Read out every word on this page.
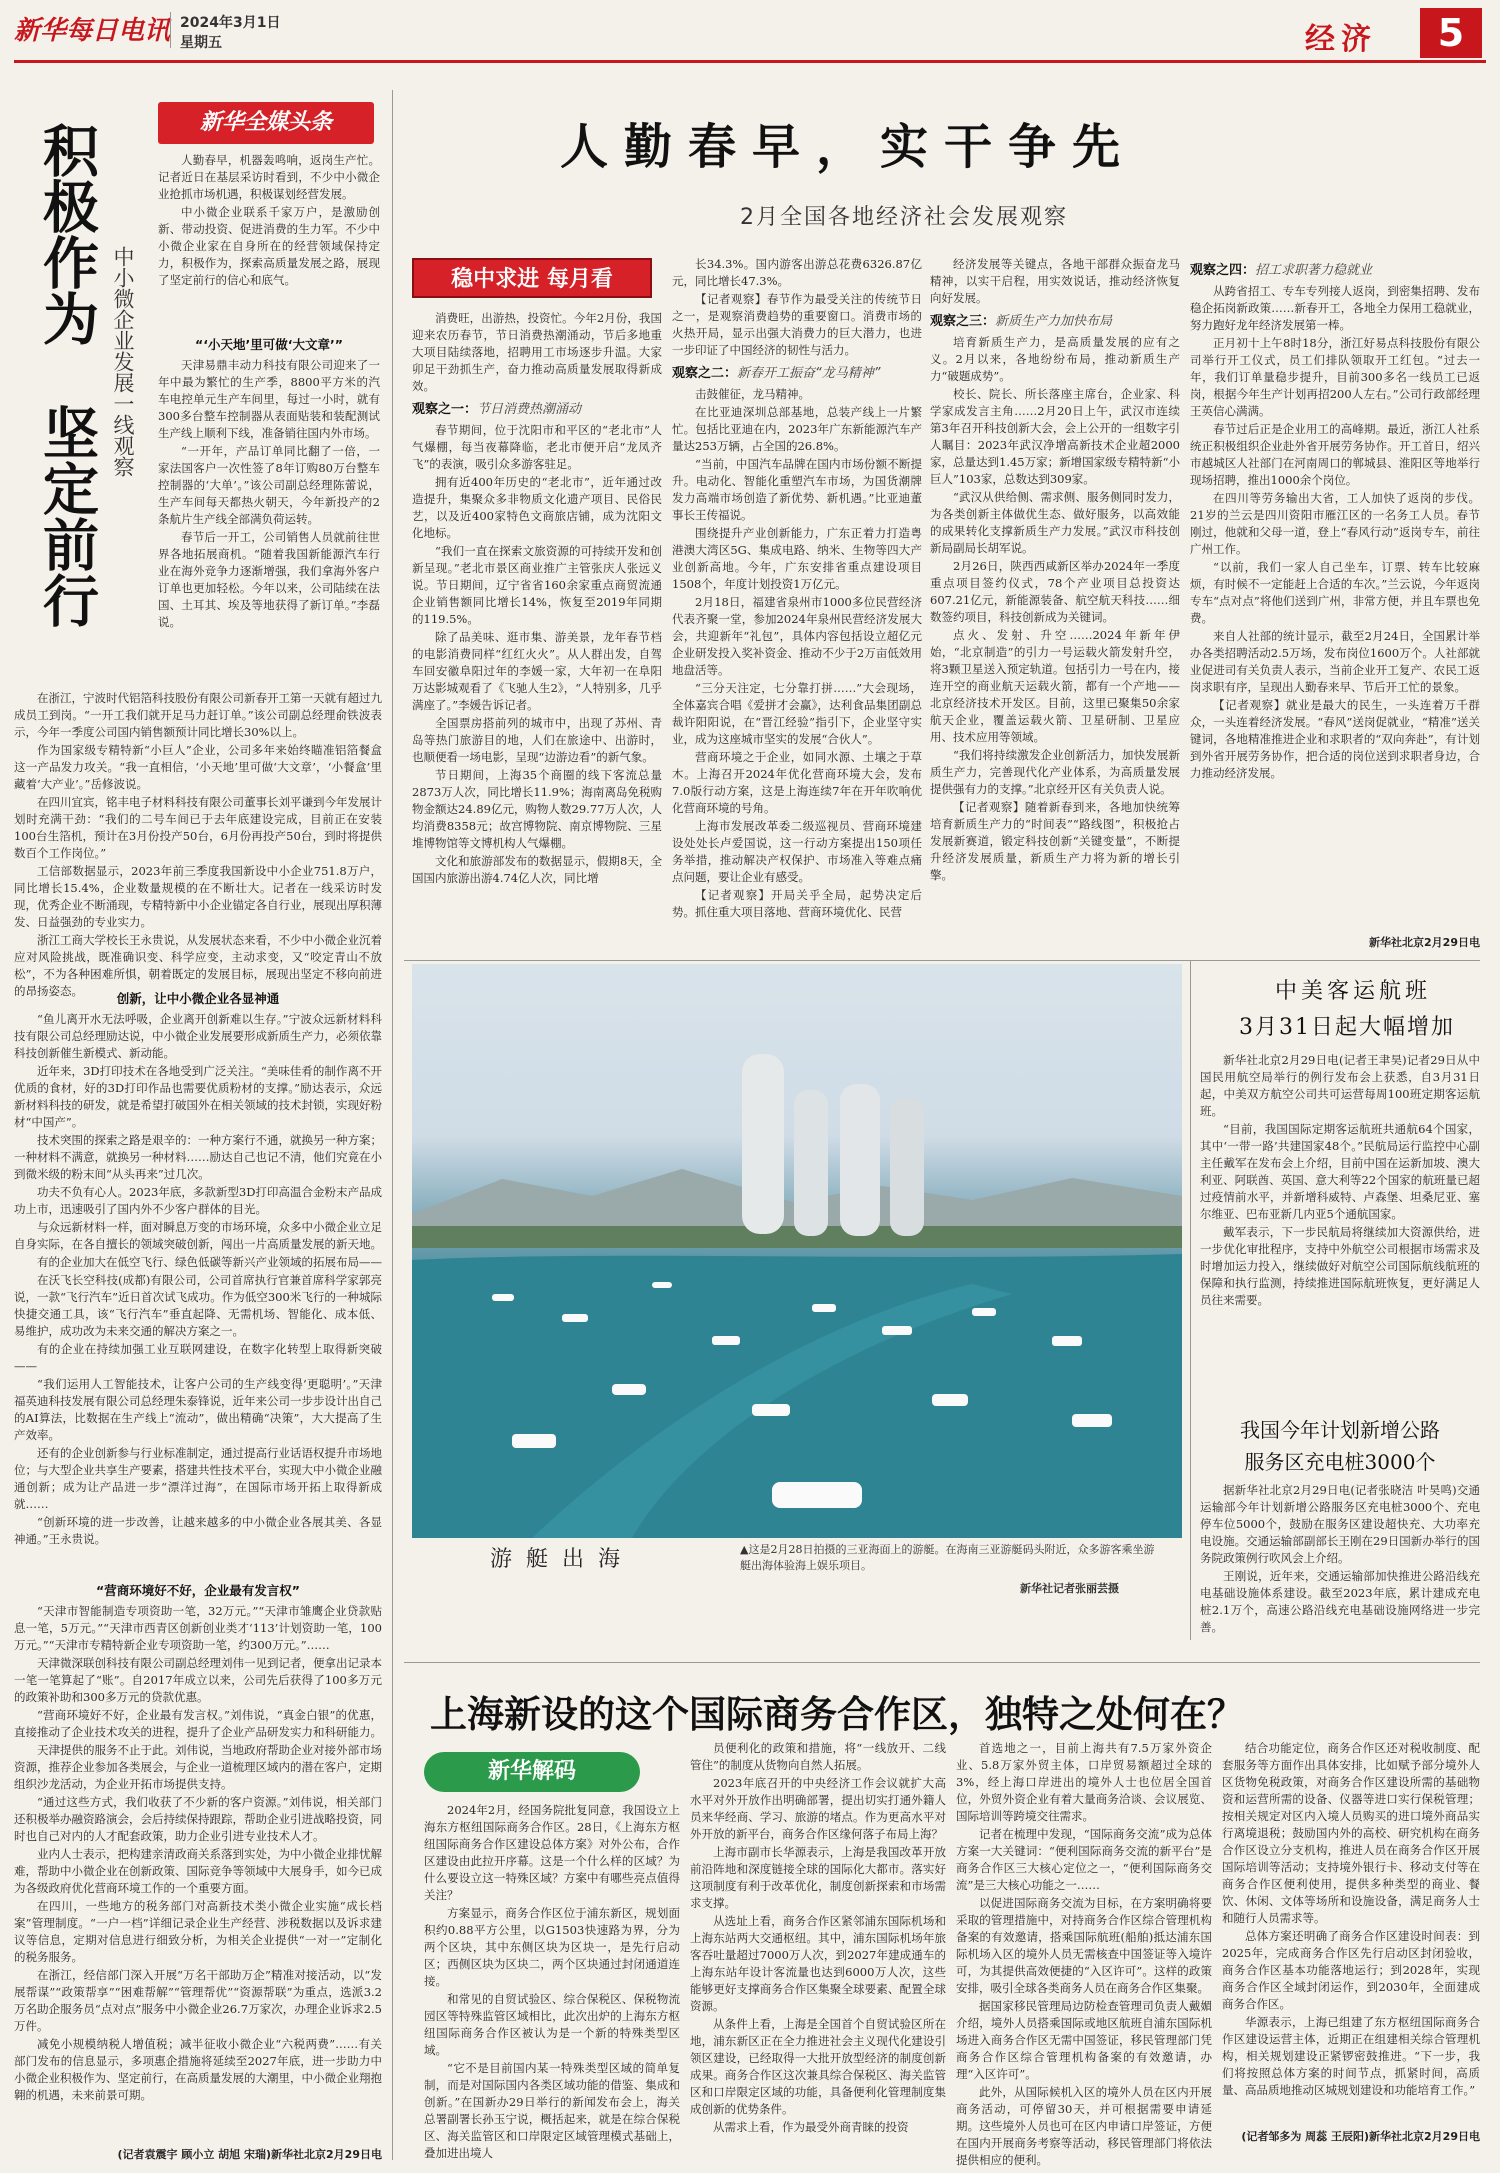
新华每日电讯 2024年3月1日
星期五	经济	5
新华全媒头条
积极作为
坚定前行
中小微企业发展一线观察

人勤春早，机器轰鸣响，返岗生产忙。记者近日在基层采访时看到，不少中小微企业抢抓市场机遇，积极谋划经营发展。

中小微企业联系千家万户，是激励创新、带动投资、促进消费的生力军。不少中小微企业家在自身所在的经营领域保持定力，积极作为，探索高质量发展之路，展现了坚定前行的信心和底气。

“‘小天地’里可做‘大文章’”

天津易鼎丰动力科技有限公司迎来了一年中最为繁忙的生产季，8800平方米的汽车电控单元生产车间里，每过一小时，就有300多台整车控制器从表面贴装和装配测试生产线上顺利下线，准备销往国内外市场。

“一开年，产品订单同比翻了一倍，一家法国客户一次性签了8年订购80万台整车控制器的‘大单’。”该公司副总经理陈蕾说，生产车间每天都热火朝天，今年新投产的2条航片生产线全部满负荷运转。

春节后一开工，公司销售人员就前往世界各地拓展商机。“随着我国新能源汽车行业在海外竞争力逐渐增强，我们拿海外客户订单也更加轻松。今年以来，公司陆续在法国、土耳其、埃及等地获得了新订单。”李磊说。

在浙江，宁波时代铝箔科技股份有限公司新春开工第一天就有超过九成员工到岗。“一开工我们就开足马力赶订单。”该公司副总经理俞铁波表示，今年一季度公司国内销售额预计同比增长30%以上。

作为国家级专精特新“小巨人”企业，公司多年来始终瞄准铝箔餐盒这一产品发力攻关。“我一直相信，‘小天地’里可做‘大文章’，‘小餐盒’里藏着‘大产业’。”岳修波说。

在四川宜宾，铭丰电子材料科技有限公司董事长刘平谦到今年发展计划时充满干劲：“我们的二号车间已于去年底建设完成，目前正在安装100台生箔机，预计在3月份投产50台，6月份再投产50台，到时将提供数百个工作岗位。”

工信部数据显示，2023年前三季度我国新设中小企业751.8万户，同比增长15.4%，企业数量规模的在不断壮大。记者在一线采访时发现，优秀企业不断涌现，专精特新中小企业锚定各自行业，展现出厚积薄发、日益强劲的专业实力。

浙江工商大学校长王永贵说，从发展状态来看，不少中小微企业沉着应对风险挑战，既准确识变、科学应变，主动求变，又“咬定青山不放松”，不为各种困难所惧，朝着既定的发展目标，展现出坚定不移向前进的昂扬姿态。	创新，让中小微企业各显神通

“鱼儿离开水无法呼吸，企业离开创新难以生存。”宁波众远新材料科技有限公司总经理励达说，中小微企业发展要形成新质生产力，必须依靠科技创新催生新模式、新动能。

近年来，3D打印技术在各地受到广泛关注。“美味佳肴的制作离不开优质的食材，好的3D打印作品也需要优质粉材的支撑。”励达表示，众远新材料科技的研发，就是希望打破国外在相关领域的技术封锁，实现好粉材“中国产”。

技术突围的探索之路是艰辛的：一种方案行不通，就换另一种方案；一种材料不满意，就换另一种材料……励达自己也记不清，他们究竟在小到微米级的粉末间“从头再来”过几次。

功夫不负有心人。2023年底，多款新型3D打印高温合金粉末产品成功上市，迅速吸引了国内外不少客户群体的目光。

与众远新材料一样，面对瞬息万变的市场环境，众多中小微企业立足自身实际，在各自擅长的领域突破创新，闯出一片高质量发展的新天地。

有的企业加大在低空飞行、绿色低碳等新兴产业领域的拓展布局——

在沃飞长空科技(成都)有限公司，公司首席执行官兼首席科学家郭亮说，一款“飞行汽车”近日首次试飞成功。作为低空300米飞行的一种城际快捷交通工具，该“飞行汽车”垂直起降、无需机场、智能化、成本低、易维护，成功改为未来交通的解决方案之一。

有的企业在持续加强工业互联网建设，在数字化转型上取得新突破——

“我们运用人工智能技术，让客户公司的生产线变得‘更聪明’。”天津福英迪科技发展有限公司总经理朱泰锋说，近年来公司一步步设计出自己的AI算法，比数据在生产线上“流动”，做出精确“决策”，大大提高了生产效率。

还有的企业创新参与行业标准制定，通过提高行业话语权提升市场地位；与大型企业共享生产要素，搭建共性技术平台，实现大中小微企业融通创新；成为让产品进一步“漂洋过海”，在国际市场开拓上取得新成就……

“创新环境的进一步改善，让越来越多的中小微企业各展其美、各显神通。”王永贵说。

“营商环境好不好，企业最有发言权”

“天津市智能制造专项资助一笔，32万元。”“天津市雏鹰企业贷款贴息一笔，5万元。”“天津市西青区创新创业类才‘113’计划资助一笔，100万元。”“天津市专精特新企业专项资助一笔，约300万元。”……

天津微深联创科技有限公司副总经理刘伟一见到记者，便拿出记录本一笔一笔算起了“账”。自2017年成立以来，公司先后获得了100多万元的政策补助和300多万元的贷款优惠。

“营商环境好不好，企业最有发言权。”刘伟说，“真金白银”的优惠，直接推动了企业技术攻关的进程，提升了企业产品研发实力和科研能力。

天津提供的服务不止于此。刘伟说，当地政府帮助企业对接外部市场资源，推荐企业参加各类展会，与企业一道梳理区域内的潜在客户，定期组织沙龙活动，为企业开拓市场提供支持。

“通过这些方式，我们收获了不少新的客户资源。”刘伟说，相关部门还积极举办融资路演会，会后持续保持跟踪，帮助企业引进战略投资，同时也自己对内的人才配套政策，助力企业引进专业技术人才。

业内人士表示，把构建亲清政商关系落到实处，为中小微企业排忧解难，帮助中小微企业在创新政策、国际竞争等领域中大展身手，如今已成为各级政府优化营商环境工作的一个重要方面。

在四川，一些地方的税务部门对高新技术类小微企业实施“成长档案”管理制度。“一户一档”详细记录企业生产经营、涉税数据以及诉求建议等信息，定期对信息进行细致分析，为相关企业提供“一对一”定制化的税务服务。

在浙江，经信部门深入开展“万名干部助万企”精准对接活动，以“发展帮谋”“政策帮享”“困难帮解”“管理帮优”“资源帮联”为重点，选派3.2万名助企服务员“点对点”服务中小微企业26.7万家次，办理企业诉求2.5万件。

减免小规模纳税人增值税；减半征收小微企业“六税两费”……有关部门发布的信息显示，多项惠企措施将延续至2027年底，进一步助力中小微企业积极作为、坚定前行，在高质量发展的大潮里，中小微企业翔抱翱的机遇，未来前景可期。

(记者袁震宇 顾小立 胡旭 宋瑞)新华社北京2月29日电
人勤春早，实干争先
2月全国各地经济社会发展观察
稳中求进 每月看

消费旺，出游热，投资忙。今年2月份，我国迎来农历春节，节日消费热潮涌动，节后多地重大项目陆续落地，招聘用工市场逐步升温。大家卯足干劲抓生产，奋力推动高质量发展取得新成效。

观察之一：节日消费热潮涌动

春节期间，位于沈阳市和平区的“老北市”人气爆棚，每当夜幕降临，老北市便开启“龙凤齐飞”的表演，吸引众多游客驻足。

拥有近400年历史的“老北市”，近年通过改造提升，集聚众多非物质文化遗产项目、民俗民艺，以及近400家特色文商旅店铺，成为沈阳文化地标。

“我们一直在探索文旅资源的可持续开发和创新呈现。”老北市景区商业推广主管张庆人张远义说。节日期间，辽宁省省160余家重点商贸流通企业销售额同比增长14%，恢复至2019年同期的119.5%。

除了品美味、逛市集、游美景，龙年春节档的电影消费同样“红红火火”。从人群出发，自驾车回安徽阜阳过年的李媛一家，大年初一在阜阳万达影城观看了《飞驰人生2》，“人特别多，几乎满座了。”李媛告诉记者。

全国票房搭前列的城市中，出现了苏州、青岛等热门旅游目的地，人们在旅途中、出游时，也顺便看一场电影，呈现“边游边看”的新气象。

节日期间，上海35个商圈的线下客流总量2873万人次，同比增长11.9%；海南离岛免税购物金额达24.89亿元，购物人数29.77万人次，人均消费8358元；故宫博物院、南京博物院、三星堆博物馆等文博机构人气爆棚。

文化和旅游部发布的数据显示，假期8天，全国国内旅游出游4.74亿人次，同比增

长34.3%。国内游客出游总花费6326.87亿元，同比增长47.3%。

【记者观察】春节作为最受关注的传统节日之一，是观察消费趋势的重要窗口。消费市场的火热开局，显示出强大消费力的巨大潜力，也进一步印证了中国经济的韧性与活力。

观察之二：新春开工振奋“龙马精神”

击鼓催征，龙马精神。

在比亚迪深圳总部基地，总装产线上一片繁忙。包括比亚迪在内，2023年广东新能源汽车产量达253万辆，占全国的26.8%。

“当前，中国汽车品牌在国内市场份额不断提升。电动化、智能化重塑汽车市场，为国货潮牌发力高端市场创造了新优势、新机遇。”比亚迪董事长王传福说。

围绕提升产业创新能力，广东正着力打造粤港澳大湾区5G、集成电路、纳米、生物等四大产业创新高地。今年，广东安排省重点建设项目1508个，年度计划投资1万亿元。

2月18日，福建省泉州市1000多位民营经济代表齐聚一堂，参加2024年泉州民营经济发展大会，共迎新年“礼包”，具体内容包括设立超亿元企业研发投入奖补资金、推动不少于2万亩低效用地盘活等。

“三分天注定，七分靠打拼……”大会现场，全体嘉宾合唱《爱拼才会赢》，达利食品集团副总裁许阳阳说，在“晋江经验”指引下，企业坚守实业，成为这座城市坚实的发展“合伙人”。

营商环境之于企业，如同水源、土壤之于草木。上海召开2024年优化营商环境大会，发布7.0版行动方案，这是上海连续7年在开年吹响优化营商环境的号角。

上海市发展改革委二级巡视员、营商环境建设处处长卢爱国说，这一行动方案提出150项任务举措，推动解决产权保护、市场准入等难点痛点问题，要让企业有感受。

【记者观察】开局关乎全局，起势决定后势。抓住重大项目落地、营商环境优化、民营

经济发展等关键点，各地干部群众振奋龙马精神，以实干启程，用实效说话，推动经济恢复向好发展。

观察之三：新质生产力加快布局

培育新质生产力，是高质量发展的应有之义。2月以来，各地纷纷布局，推动新质生产力“破题成势”。

校长、院长、所长落座主席台，企业家、科学家成发言主角……2月20日上午，武汉市连续第3年召开科技创新大会，会上公开的一组数字引人瞩目：2023年武汉净增高新技术企业超2000家，总量达到1.45万家；新增国家级专精特新“小巨人”103家，总数达到309家。

“武汉从供给侧、需求侧、服务侧同时发力，为各类创新主体做优生态、做好服务，以高效能的成果转化支撑新质生产力发展。”武汉市科技创新局副局长胡军说。

2月26日，陕西西咸新区举办2024年一季度重点项目签约仪式，78个产业项目总投资达607.21亿元，新能源装备、航空航天科技……细数签约项目，科技创新成为关键词。

点火、发射、升空……2024年新年伊始，“北京制造”的引力一号运载火箭发射升空，将3颗卫星送入预定轨道。包括引力一号在内，接连开空的商业航天运载火箭，都有一个产地——北京经济技术开发区。目前，这里已聚集50余家航天企业，覆盖运载火箭、卫星研制、卫星应用、技术应用等领域。

“我们将持续激发企业创新活力，加快发展新质生产力，完善现代化产业体系，为高质量发展提供强有力的支撑。”北京经开区有关负责人说。

【记者观察】随着新春到来，各地加快统筹培育新质生产力的“时间表”“路线图”，积极抢占发展新赛道，锻定科技创新“关键变量”，不断提升经济发展质量，新质生产力将为新的增长引擎。

观察之四：招工求职著力稳就业

从跨省招工、专车专列接人返岗，到密集招聘、发布稳企拓岗新政策……新春开工，各地全力保用工稳就业，努力跑好龙年经济发展第一棒。

正月初十上午8时18分，浙江好易点科技股份有限公司举行开工仪式，员工们排队领取开工红包。“过去一年，我们订单量稳步提升，目前300多名一线员工已返岗，根据今年生产计划再招200人左右。”公司行政部经理王英信心满满。

春节过后正是企业用工的高峰期。最近，浙江人社系统正积极组织企业赴外省开展劳务协作。开工首日，绍兴市越城区人社部门在河南周口的郸城县、淮阳区等地举行现场招聘，推出1000余个岗位。

在四川等劳务输出大省，工人加快了返岗的步伐。21岁的兰云是四川资阳市雁江区的一名务工人员。春节刚过，他就和父母一道，登上“春风行动”返岗专车，前往广州工作。

“以前，我们一家人自己坐车，订票、转车比较麻烦，有时候不一定能赶上合适的车次。”兰云说，今年返岗专车“点对点”将他们送到广州，非常方便，并且车票也免费。

来自人社部的统计显示，截至2月24日，全国累计举办各类招聘活动2.5万场，发布岗位1600万个。人社部就业促进司有关负责人表示，当前企业开工复产、农民工返岗求职有序，呈现出人勤春来早、节后开工忙的景象。

【记者观察】就业是最大的民生，一头连着万千群众，一头连着经济发展。“春风”送岗促就业，“精准”送关键词，各地精准推进企业和求职者的“双向奔赴”，有计划到外省开展劳务协作，把合适的岗位送到求职者身边，合力推动经济发展。

新华社北京2月29日电
游艇出海	▲这是2月28日拍摄的三亚海面上的游艇。在海南三亚游艇码头附近，众多游客乘坐游艇出海体验海上娱乐项目。
新华社记者张丽芸摄
中美客运航班
3月31日起大幅增加

新华社北京2月29日电(记者王聿昊)记者29日从中国民用航空局举行的例行发布会上获悉，自3月31日起，中美双方航空公司共可运营每周100班定期客运航班。

“目前，我国国际定期客运航班共通航64个国家，其中‘一带一路’共建国家48个。”民航局运行监控中心副主任戴军在发布会上介绍，目前中国在运新加坡、澳大利亚、阿联酋、英国、意大利等22个国家的航班量已超过疫情前水平，并新增科威特、卢森堡、坦桑尼亚、塞尔维亚、巴布亚新几内亚5个通航国家。

戴军表示，下一步民航局将继续加大资源供给，进一步优化审批程序，支持中外航空公司根据市场需求及时增加运力投入，继续做好对航空公司国际航线航班的保障和执行监测，持续推进国际航班恢复，更好满足人员往来需要。

我国今年计划新增公路
服务区充电桩3000个

据新华社北京2月29日电(记者张晓洁 叶昊鸣)交通运输部今年计划新增公路服务区充电桩3000个、充电停车位5000个，鼓励在服务区建设超快充、大功率充电设施。交通运输部副部长王刚在29日国新办举行的国务院政策例行吹风会上介绍。

王刚说，近年来，交通运输部加快推进公路沿线充电基础设施体系建设。截至2023年底，累计建成充电桩2.1万个，高速公路沿线充电基础设施网络进一步完善。

上海新设的这个国际商务合作区，独特之处何在？
新华解码

2024年2月，经国务院批复同意，我国设立上海东方枢纽国际商务合作区。28日，《上海东方枢纽国际商务合作区建设总体方案》对外公布，合作区建设由此拉开序幕。这是一个什么样的区域？为什么要设立这一特殊区域？方案中有哪些亮点值得关注？

方案显示，商务合作区位于浦东新区，规划面积约0.88平方公里，以G1503快速路为界，分为两个区块，其中东侧区块为区块一，是先行启动区；西侧区块为区块二，两个区块通过封闭通道连接。

和常见的自贸试验区、综合保税区、保税物流园区等特殊监管区域相比，此次出炉的上海东方枢纽国际商务合作区被认为是一个新的特殊类型区域。

“它不是目前国内某一特殊类型区域的简单复制，而是对国际国内各类区域功能的借鉴、集成和创新。”在国新办29日举行的新闻发布会上，海关总署副署长孙玉宁说，概括起来，就是在综合保税区、海关监管区和口岸限定区域管理模式基础上，叠加进出境人

员便利化的政策和措施，将“一线放开、二线管住”的制度从货物向自然人拓展。

2023年底召开的中央经济工作会议就扩大高水平对外开放作出明确部署，提出切实打通外籍人员来华经商、学习、旅游的堵点。作为更高水平对外开放的新平台，商务合作区缘何落子布局上海？

上海市副市长华源表示，上海是我国改革开放前沿阵地和深度链接全球的国际化大都市。落实好这项制度有利于改革优化，制度创新探索和市场需求支撑。

从选址上看，商务合作区紧邻浦东国际机场和上海东站两大交通枢纽。其中，浦东国际机场年旅客吞吐量超过7000万人次，到2027年建成通车的上海东站年设计客流量也达到6000万人次，这些能够更好支撑商务合作区集聚全球要素、配置全球资源。

从条件上看，上海是全国首个自贸试验区所在地，浦东新区正在全力推进社会主义现代化建设引领区建设，已经取得一大批开放型经济的制度创新成果。商务合作区这次兼具综合保税区、海关监管区和口岸限定区域的功能，具备便利化管理制度集成创新的优势条件。

从需求上看，作为最受外商青睐的投资

首选地之一，目前上海共有7.5万家外资企业、5.8万家外贸主体，口岸贸易额超过全球的3%，经上海口岸进出的境外人士也位居全国首位，外贸外资企业有着大量商务洽谈、会议展览、国际培训等跨境交往需求。

记者在梳理中发现，“国际商务交流”成为总体方案一大关键词：“便利国际商务交流的新平台”是商务合作区三大核心定位之一，“便利国际商务交流”是三大核心功能之一……

以促进国际商务交流为目标，在方案明确将要采取的管理措施中，对持商务合作区综合管理机构备案的有效邀请，搭乘国际航班(船舶)抵达浦东国际机场入区的境外人员无需核查中国签证等入境许可，为其提供高效便捷的“入区许可”。这样的政策安排，吸引全球各类商务人员在商务合作区集聚。

据国家移民管理局边防检查管理司负责人戴媚介绍，境外人员搭乘国际或地区航班自浦东国际机场进入商务合作区无需中国签证，移民管理部门凭商务合作区综合管理机构备案的有效邀请，办理“入区许可”。

此外，从国际候机入区的境外人员在区内开展商务活动，可停留30天，并可根据需要申请延期。这些境外人员也可在区内申请口岸签证，方便在国内开展商务考察等活动，移民管理部门将依法提供相应的便利。

结合功能定位，商务合作区还对税收制度、配套服务等方面作出具体安排，比如赋予部分境外人区货物免税政策，对商务合作区建设所需的基础物资和运营所需的设备、仪器等进口实行保税管理；按相关规定对区内入境人员购买的进口境外商品实行离境退税；鼓励国内外的高校、研究机构在商务合作区设立分支机构，推进人员在商务合作区开展国际培训等活动；支持境外银行卡、移动支付等在商务合作区便利使用，提供多种类型的商业、餐饮、休闲、文体等场所和设施设备，满足商务人士和随行人员需求等。

总体方案还明确了商务合作区建设时间表：到2025年，完成商务合作区先行启动区封闭验收，商务合作区基本功能落地运行；到2028年，实现商务合作区全域封闭运作，到2030年，全面建成商务合作区。

华源表示，上海已组建了东方枢纽国际商务合作区建设运营主体，近期正在组建相关综合管理机构，相关规划建设正紧锣密鼓推进。“下一步，我们将按照总体方案的时间节点，抓紧时间，高质量、高品质地推动区城规划建设和功能培育工作。”

(记者邹多为 周蕊 王辰阳)新华社北京2月29日电
